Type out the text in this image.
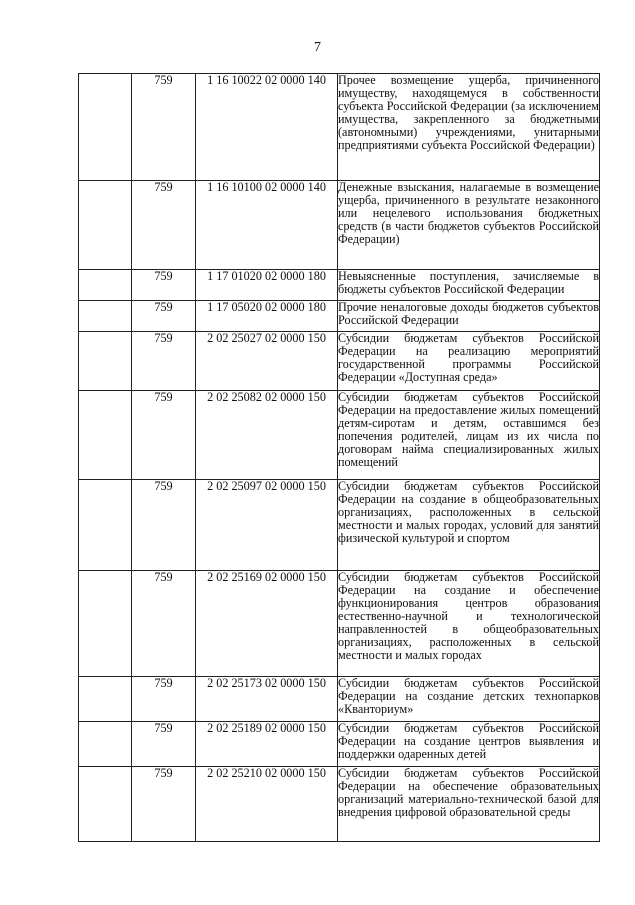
7
	759	1 16 10022 02 0000 140	Прочее возмещение ущерба, причиненного имуществу, находящемуся в собственности субъекта Российской Федерации (за исключением имущества, закрепленного за бюджетными (автономными) учреждениями, унитарными предприятиями субъекта Российской Федерации)
	759	1 16 10100 02 0000 140	Денежные взыскания, налагаемые в возмещение ущерба, причиненного в результате незаконного или нецелевого использования бюджетных средств (в части бюджетов субъектов Российской Федерации)
	759	1 17 01020 02 0000 180	Невыясненные поступления, зачисляемые в бюджеты субъектов Российской Федерации
	759	1 17 05020 02 0000 180	Прочие неналоговые доходы бюджетов субъектов Российской Федерации
	759	2 02 25027 02 0000 150	Субсидии бюджетам субъектов Российской Федерации на реализацию мероприятий государственной программы Российской Федерации «Доступная среда»
	759	2 02 25082 02 0000 150	Субсидии бюджетам субъектов Российской Федерации на предоставление жилых помещений детям-сиротам и детям, оставшимся без попечения родителей, лицам из их числа по договорам найма специализированных жилых помещений
	759	2 02 25097 02 0000 150	Субсидии бюджетам субъектов Российской Федерации на создание в общеобразовательных организациях, расположенных в сельской местности и малых городах, условий для занятий физической культурой и спортом
	759	2 02 25169 02 0000 150	Субсидии бюджетам субъектов Российской Федерации на создание и обеспечение функционирования центров образования естественно-научной и технологической направленностей в общеобразовательных организациях, расположенных в сельской местности и малых городах
	759	2 02 25173 02 0000 150	Субсидии бюджетам субъектов Российской Федерации на создание детских технопарков «Кванториум»
	759	2 02 25189 02 0000 150	Субсидии бюджетам субъектов Российской Федерации на создание центров выявления и поддержки одаренных детей
	759	2 02 25210 02 0000 150	Субсидии бюджетам субъектов Российской Федерации на обеспечение образовательных организаций материально-технической базой для внедрения цифровой образовательной среды
